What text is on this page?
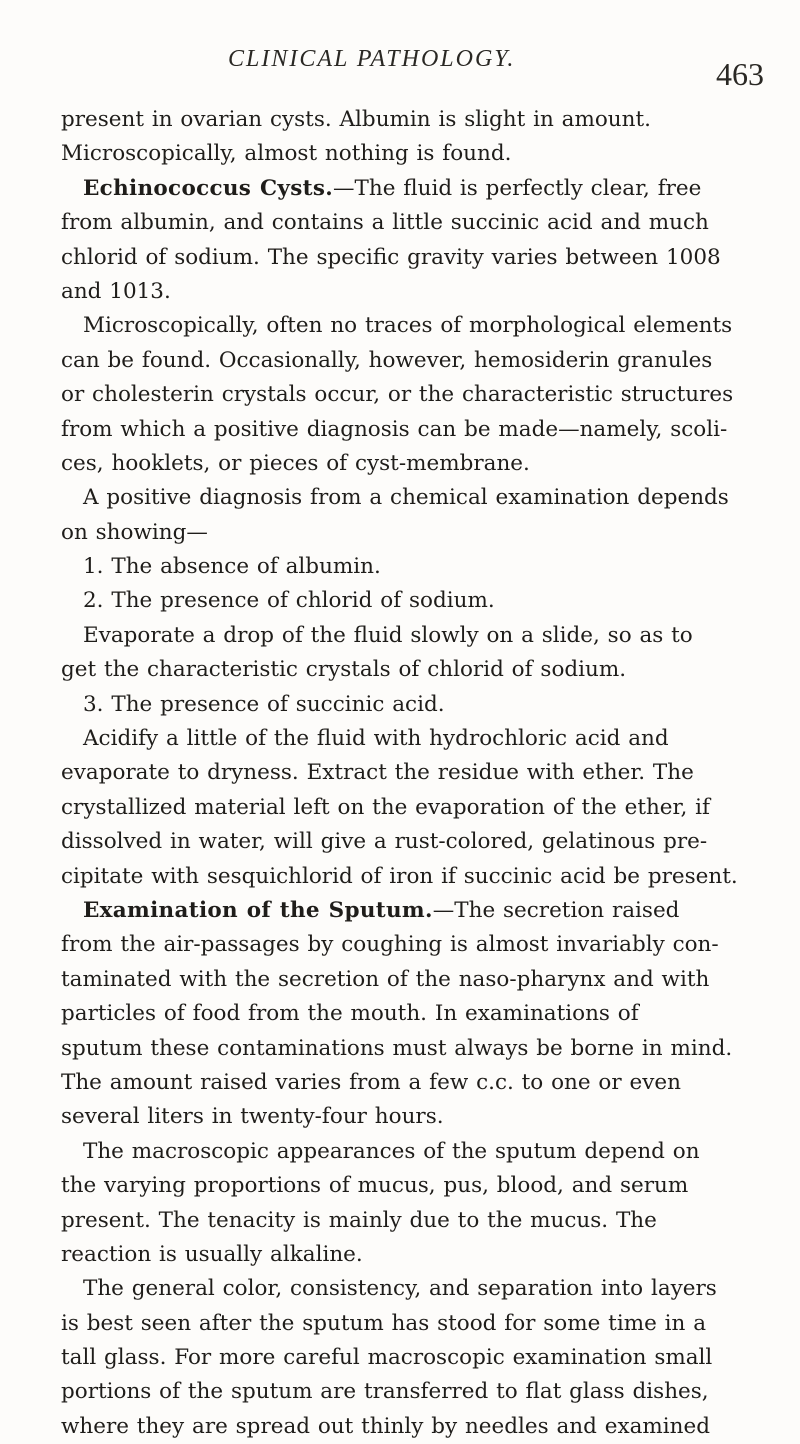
CLINICAL PATHOLOGY.	463
present in ovarian cysts. Albumin is slight in amount.
Microscopically, almost nothing is found.
Echinococcus Cysts.—The fluid is perfectly clear, free
from albumin, and contains a little succinic acid and much
chlorid of sodium. The specific gravity varies between 1008
and 1013.
Microscopically, often no traces of morphological elements
can be found. Occasionally, however, hemosiderin granules
or cholesterin crystals occur, or the characteristic structures
from which a positive diagnosis can be made—namely, scoli-
ces, hooklets, or pieces of cyst-membrane.
A positive diagnosis from a chemical examination depends
on showing—
1. The absence of albumin.
2. The presence of chlorid of sodium.
Evaporate a drop of the fluid slowly on a slide, so as to
get the characteristic crystals of chlorid of sodium.
3. The presence of succinic acid.
Acidify a little of the fluid with hydrochloric acid and
evaporate to dryness. Extract the residue with ether. The
crystallized material left on the evaporation of the ether, if
dissolved in water, will give a rust-colored, gelatinous pre-
cipitate with sesquichlorid of iron if succinic acid be present.
Examination of the Sputum.—The secretion raised
from the air-passages by coughing is almost invariably con-
taminated with the secretion of the naso-pharynx and with
particles of food from the mouth. In examinations of
sputum these contaminations must always be borne in mind.
The amount raised varies from a few c.c. to one or even
several liters in twenty-four hours.
The macroscopic appearances of the sputum depend on
the varying proportions of mucus, pus, blood, and serum
present. The tenacity is mainly due to the mucus. The
reaction is usually alkaline.
The general color, consistency, and separation into layers
is best seen after the sputum has stood for some time in a
tall glass. For more careful macroscopic examination small
portions of the sputum are transferred to flat glass dishes,
where they are spread out thinly by needles and examined
